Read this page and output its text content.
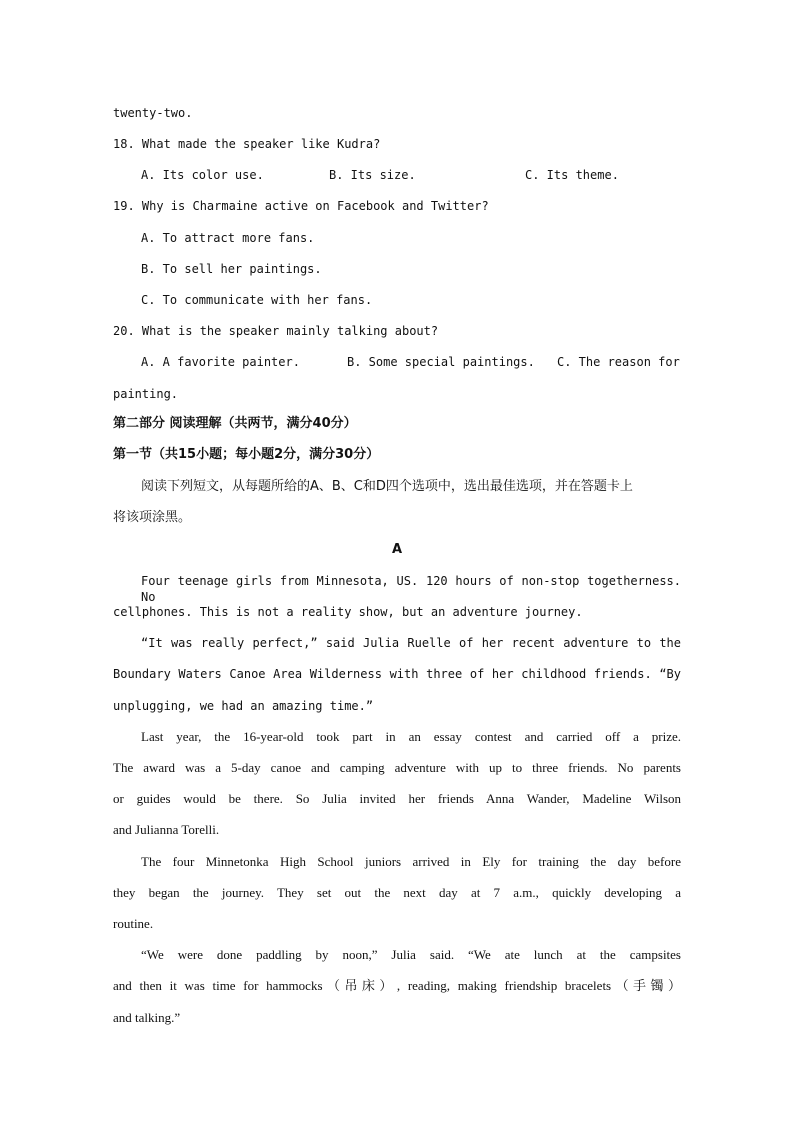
twenty-two.
18. What made the speaker like Kudra?
A. Its color use.	B. Its size.	C. Its theme.
19. Why is Charmaine active on Facebook and Twitter?
A. To attract more fans.
B. To sell her paintings.
C. To communicate with her fans.
20. What is the speaker mainly talking about?
A. A favorite painter.	B. Some special paintings. C. The reason for
painting.
第二部分 阅读理解（共两节，满分40分）
第一节（共15小题；每小题2分，满分30分）
阅读下列短文，从每题所给的A、B、C和D四个选项中，选出最佳选项，并在答题卡上
将该项涂黑。
A
Four teenage girls from Minnesota, US. 120 hours of non-stop togetherness. No
cellphones. This is not a reality show, but an adventure journey.
“It was really perfect,” said Julia Ruelle of her recent adventure to the
Boundary Waters Canoe Area Wilderness with three of her childhood friends. “By
unplugging, we had an amazing time.”
Last year, the 16-year-old took part in an essay contest and carried off a prize.
The award was a 5-day canoe and camping adventure with up to three friends. No parents
or guides would be there. So Julia invited her friends Anna Wander, Madeline Wilson
and Julianna Torelli.
The four Minnetonka High School juniors arrived in Ely for training the day before
they began the journey. They set out the next day at 7 a.m., quickly developing a
routine.
“We were done paddling by noon,” Julia said. “We ate lunch at the campsites
and then it was time for hammocks（吊床）, reading, making friendship bracelets（手镯）
and talking.”
